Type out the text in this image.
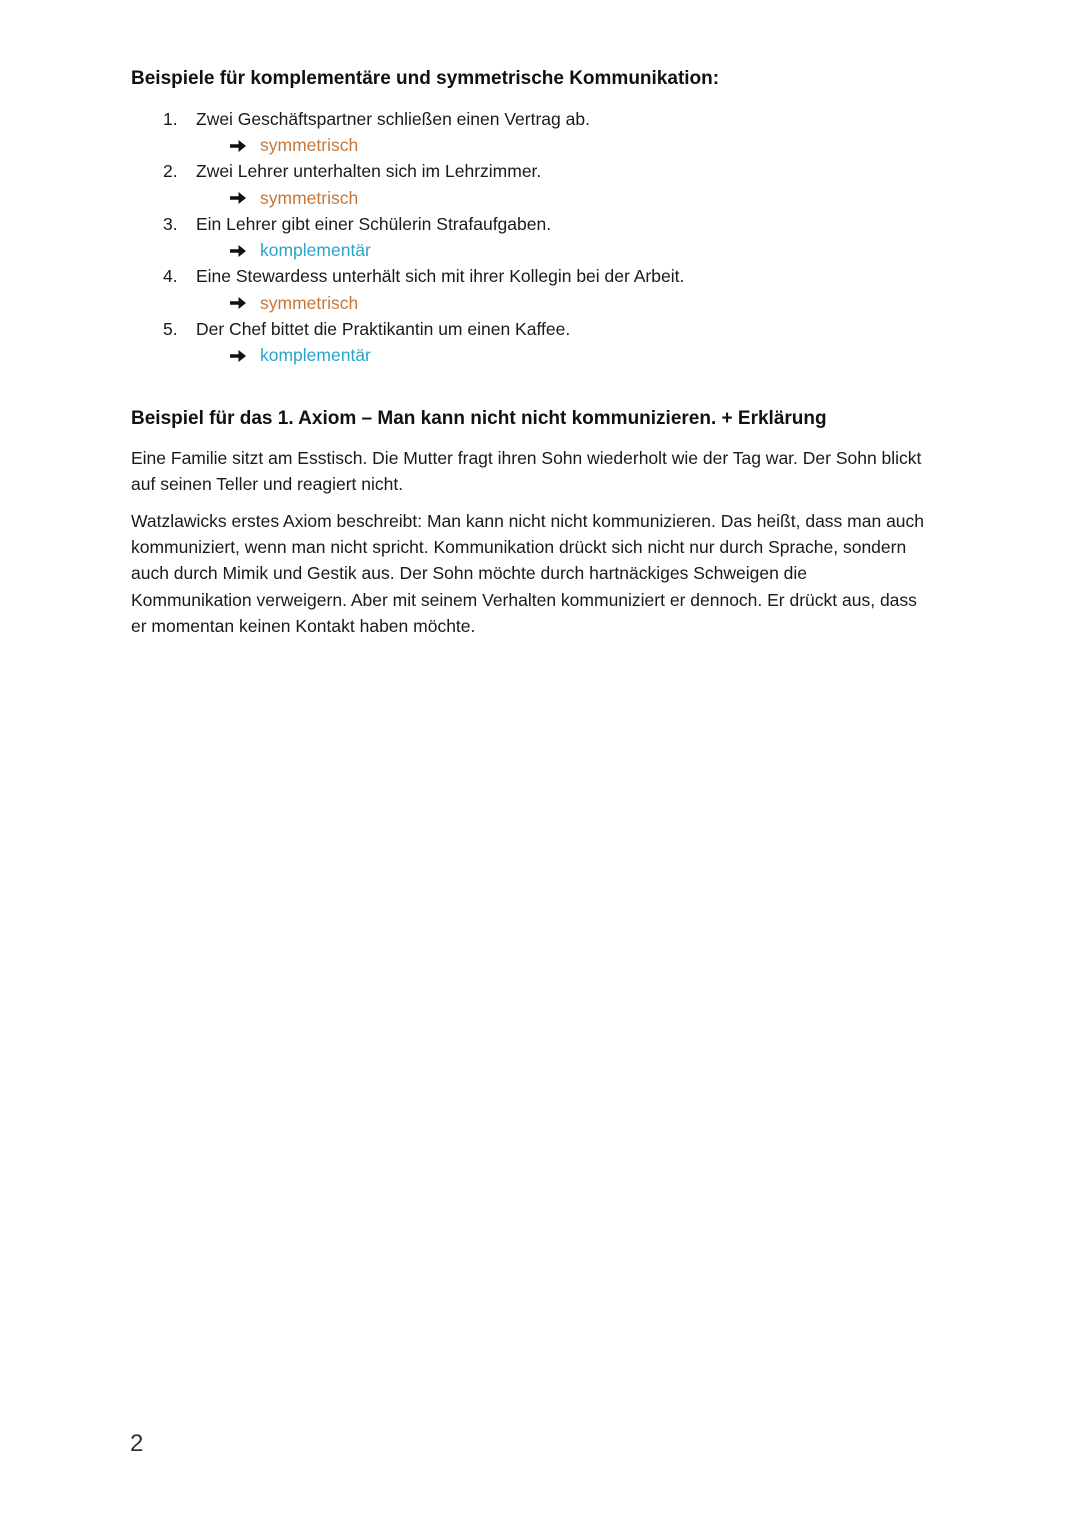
Beispiele für komplementäre und symmetrische Kommunikation:
1.	Zwei Geschäftspartner schließen einen Vertrag ab.
symmetrisch
2.	Zwei Lehrer unterhalten sich im Lehrzimmer.
symmetrisch
3.	Ein Lehrer gibt einer Schülerin Strafaufgaben.
komplementär
4.	Eine Stewardess unterhält sich mit ihrer Kollegin bei der Arbeit.
symmetrisch
5.	Der Chef bittet die Praktikantin um einen Kaffee.
komplementär
Beispiel für das 1. Axiom – Man kann nicht nicht kommunizieren. + Erklärung

Eine Familie sitzt am Esstisch. Die Mutter fragt ihren Sohn wiederholt wie der Tag war. Der Sohn blickt auf seinen Teller und reagiert nicht.

Watzlawicks erstes Axiom beschreibt: Man kann nicht nicht kommunizieren. Das heißt, dass man auch kommuniziert, wenn man nicht spricht. Kommunikation drückt sich nicht nur durch Sprache, sondern auch durch Mimik und Gestik aus. Der Sohn möchte durch hartnäckiges Schweigen die Kommunikation verweigern. Aber mit seinem Verhalten kommuniziert er dennoch. Er drückt aus, dass er momentan keinen Kontakt haben möchte.

2
